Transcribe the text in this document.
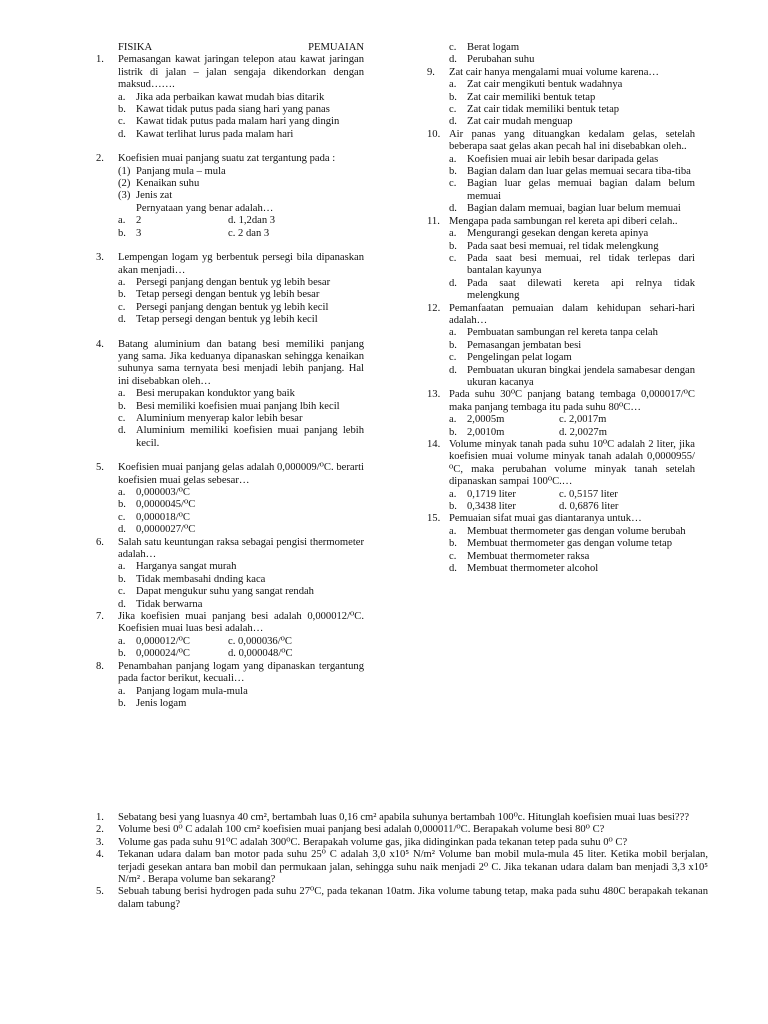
FISIKA	PEMUAIAN
1.	Pemasangan kawat jaringan telepon atau kawat jaringan listrik di jalan – jalan sengaja dikendorkan dengan maksud…….
a.	Jika ada perbaikan kawat mudah bias ditarik
b. Kawat tidak putus pada siang hari yang panas
c.	Kawat tidak putus pada malam hari yang dingin
d. Kawat terlihat lurus pada malam hari
2.	Koefisien muai panjang suatu zat tergantung pada :
(1) Panjang mula – mula
(2) Kenaikan suhu
(3) Jenis zat
Pernyataan yang benar adalah…
a.	2	d. 1,2dan 3
b. 3	c. 2 dan 3
3.	Lempengan logam yg berbentuk persegi bila dipanaskan akan menjadi…
a.	Persegi panjang dengan bentuk yg lebih besar
b. Tetap persegi dengan bentuk yg lebih besar
c.	Persegi panjang dengan bentuk yg lebih kecil
d. Tetap persegi dengan bentuk yg lebih kecil
4.	Batang aluminium dan batang besi memiliki panjang yang sama. Jika keduanya dipanaskan sehingga kenaikan suhunya sama ternyata besi menjadi lebih panjang. Hal ini disebabkan oleh…
a.	Besi merupakan konduktor yang baik
b. Besi memiliki koefisien muai panjang lbih kecil
c.	Aluminium menyerap kalor lebih besar
d. Aluminium memiliki koefisien muai panjang lebih kecil.
5.	Koefisien muai panjang gelas adalah 0,000009/⁰C. berarti koefisien muai gelas sebesar…
a.	0,000003/⁰C
b. 0,0000045/⁰C
c.	0,000018/⁰C
d. 0,0000027/⁰C
6.	Salah satu keuntungan raksa sebagai pengisi thermometer adalah…
a.	Harganya sangat murah
b. Tidak membasahi dnding kaca
c.	Dapat mengukur suhu yang sangat rendah
d. Tidak berwarna
7.	Jika koefisien muai panjang besi adalah 0,000012/⁰C. Koefisien muai luas besi adalah…
a.	0,000012/⁰C	c. 0,000036/⁰C
b. 0,000024/⁰C	d. 0,000048/⁰C
8.	Penambahan panjang logam yang dipanaskan tergantung pada factor berikut, kecuali…
a.	Panjang logam mula-mula
b. Jenis logam
c.	Berat logam
d. Perubahan suhu
9.	Zat cair hanya mengalami muai volume karena…
a.	Zat cair mengikuti bentuk wadahnya
b. Zat cair memiliki bentuk tetap
c.	Zat cair tidak memiliki bentuk tetap
d. Zat cair mudah menguap
10. Air panas yang dituangkan kedalam gelas, setelah beberapa saat gelas akan pecah hal ini disebabkan oleh..
a.	Koefisien muai air lebih besar daripada gelas
b. Bagian dalam dan luar gelas memuai secara tiba-tiba
c.	Bagian luar gelas memuai bagian dalam belum memuai
d. Bagian dalam memuai, bagian luar belum memuai
11. Mengapa pada sambungan rel kereta api diberi celah..
a.	Mengurangi gesekan dengan kereta apinya
b. Pada saat besi memuai, rel tidak melengkung
c.	Pada saat besi memuai, rel tidak terlepas dari bantalan kayunya
d. Pada saat dilewati kereta api relnya tidak melengkung
12. Pemanfaatan pemuaian dalam kehidupan sehari-hari adalah…
a.	Pembuatan sambungan rel kereta tanpa celah
b. Pemasangan jembatan besi
c.	Pengelingan pelat logam
d. Pembuatan ukuran bingkai jendela samabesar dengan ukuran kacanya
13. Pada suhu 30⁰C panjang batang tembaga 0,000017/⁰C maka panjang tembaga itu pada suhu 80⁰C…
a.	2,0005m	c. 2,0017m
b. 2,0010m	d. 2,0027m
14. Volume minyak tanah pada suhu 10⁰C adalah 2 liter, jika koefisien muai volume minyak tanah adalah 0,0000955/⁰C, maka perubahan volume minyak tanah setelah dipanaskan sampai 100⁰C.…
a.	0,1719 liter	c. 0,5157 liter
b. 0,3438 liter	d. 0,6876 liter
15. Pemuaian sifat muai gas diantaranya untuk…
a.	Membuat thermometer gas dengan volume berubah
b. Membuat thermometer gas dengan volume tetap
c.	Membuat thermometer raksa
d. Membuat thermometer alcohol
1.	Sebatang besi yang luasnya 40 cm², bertambah luas 0,16 cm² apabila suhunya bertambah 100⁰c. Hitunglah koefisien muai luas besi???
2.	Volume besi 0⁰ C adalah 100 cm² koefisien muai panjang besi adalah 0,000011/⁰C. Berapakah volume besi 80⁰ C?
3.	Volume gas pada suhu 91⁰C adalah 300⁰C. Berapakah volume gas, jika didinginkan pada tekanan tetep pada suhu 0⁰ C?
4.	Tekanan udara dalam ban motor pada suhu 25⁰ C adalah 3,0 x10⁵ N/m² Volume ban mobil mula-mula 45 liter. Ketika mobil berjalan, terjadi gesekan antara ban mobil dan permukaan jalan, sehingga suhu naik menjadi 2⁰ C. Jika tekanan udara dalam ban menjadi 3,3 x10⁵ N/m² . Berapa volume ban sekarang?
5.	Sebuah tabung berisi hydrogen pada suhu 27⁰C, pada tekanan 10atm. Jika volume tabung tetap, maka pada suhu 480C berapakah tekanan dalam tabung?
